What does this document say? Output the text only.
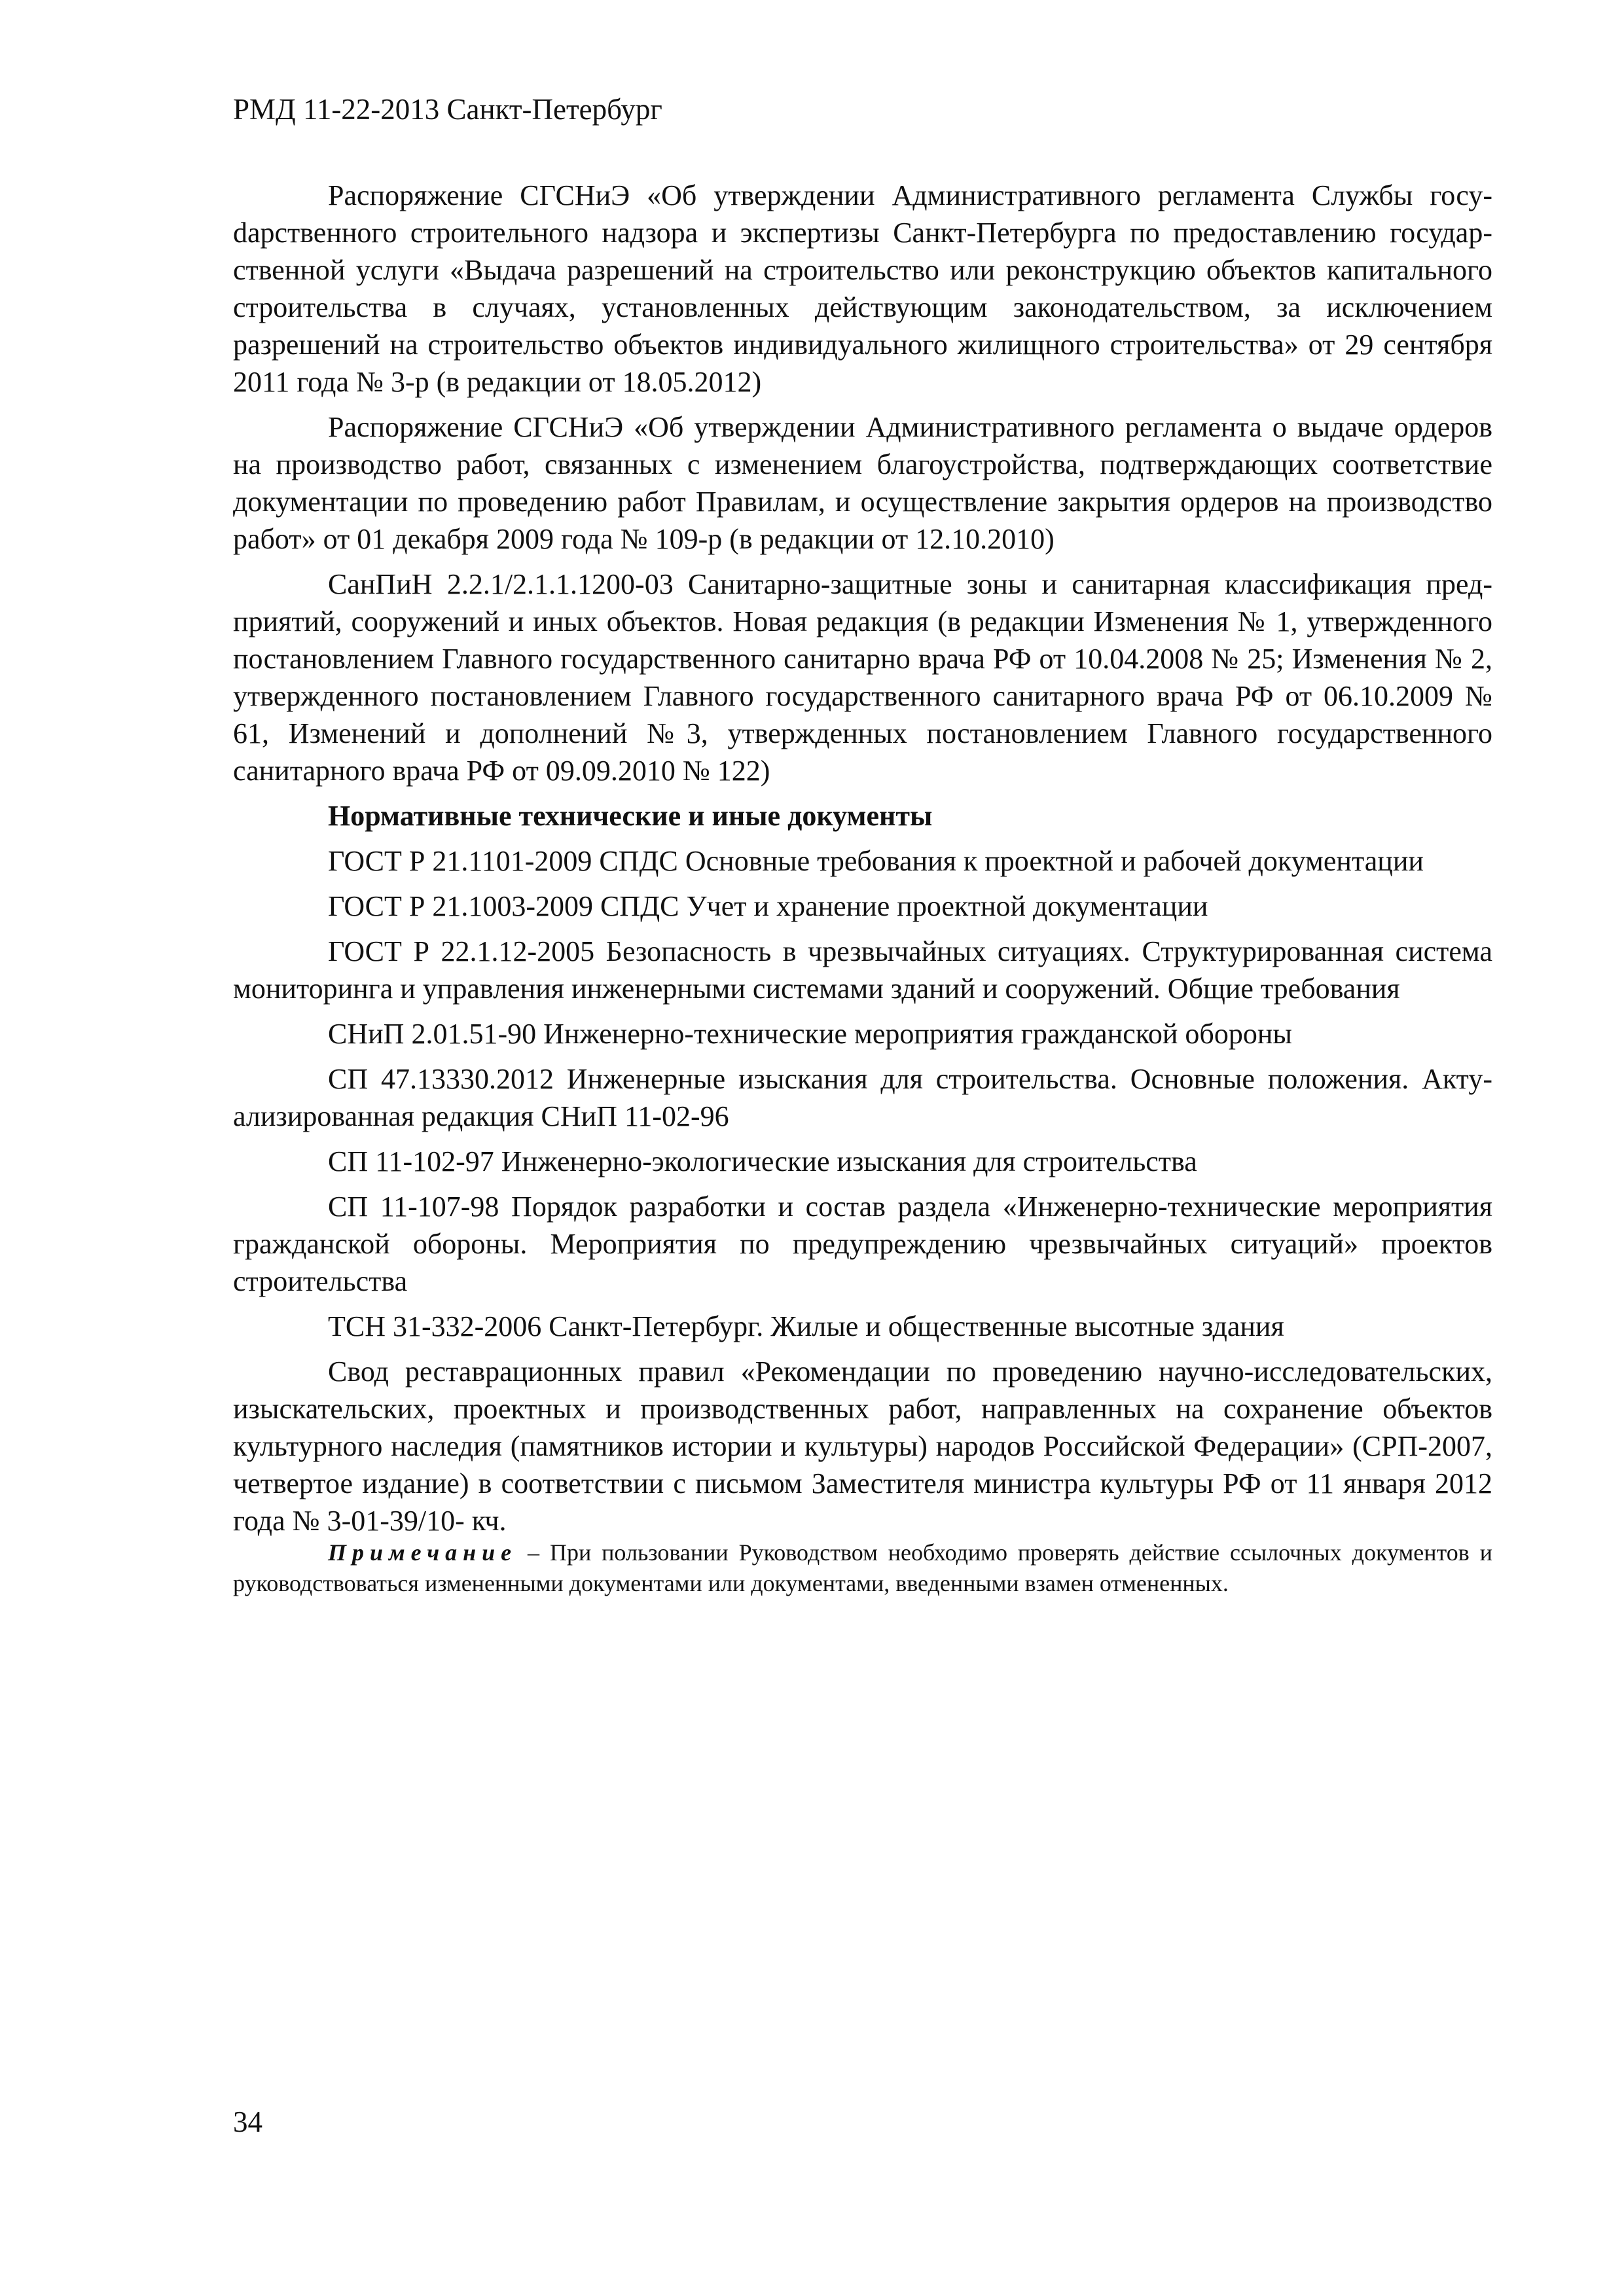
РМД 11-22-2013 Санкт-Петербург

Распоряжение СГСНиЭ «Об утверждении Административного регламента Службы госуdарственного строительного надзора и экспертизы Санкт-Петербурга по предоставлению государственной услуги «Выдача разрешений на строительство или реконструкцию объектов капитального строительства в случаях, установленных действующим законодательством, за исключением разрешений на строительство объектов индивидуального жилищного строительства» от 29 сентября 2011 года № 3-р (в редакции от 18.05.2012)

Распоряжение СГСНиЭ «Об утверждении Административного регламента о выдаче ордеров на производство работ, связанных с изменением благоустройства, подтверждающих соответствие документации по проведению работ Правилам, и осуществление закрытия ордеров на производство работ» от 01 декабря 2009 года № 109-р (в редакции от 12.10.2010)

СанПиН 2.2.1/2.1.1.1200-03 Санитарно-защитные зоны и санитарная классификация предприятий, сооружений и иных объектов. Новая редакция (в редакции Изменения № 1, утвержденного постановлением Главного государственного санитарно врача РФ от 10.04.2008 № 25; Изменения № 2, утвержденного постановлением Главного государственного санитарного врача РФ от 06.10.2009 № 61, Изменений и дополнений №3, утвержденных постановлением Главного государственного санитарного врача РФ от 09.09.2010 № 122)

Нормативные технические и иные документы

ГОСТ Р 21.1101-2009 СПДС Основные требования к проектной и рабочей документации

ГОСТ Р 21.1003-2009 СПДС Учет и хранение проектной документации

ГОСТ Р 22.1.12-2005 Безопасность в чрезвычайных ситуациях. Структурированная система мониторинга и управления инженерными системами зданий и сооружений. Общие требования

СНиП 2.01.51-90 Инженерно-технические мероприятия гражданской обороны

СП 47.13330.2012 Инженерные изыскания для строительства. Основные положения. Актуализированная редакция СНиП 11-02-96

СП 11-102-97 Инженерно-экологические изыскания для строительства

СП 11-107-98 Порядок разработки и состав раздела «Инженерно-технические мероприятия гражданской обороны. Мероприятия по предупреждению чрезвычайных ситуаций» проектов строительства

ТСН 31-332-2006 Санкт-Петербург. Жилые и общественные высотные здания

Свод реставрационных правил «Рекомендации по проведению научно-исследовательских, изыскательских, проектных и производственных работ, направленных на сохранение объектов культурного наследия (памятников истории и культуры) народов Российской Федерации» (СРП-2007, четвертое издание) в соответствии с письмом Заместителя министра культуры РФ от 11 января 2012 года № 3-01-39/10- кч.

Примечание – При пользовании Руководством необходимо проверять действие ссылочных документов и руководствоваться измененными документами или документами, введенными взамен отмененных.

34
